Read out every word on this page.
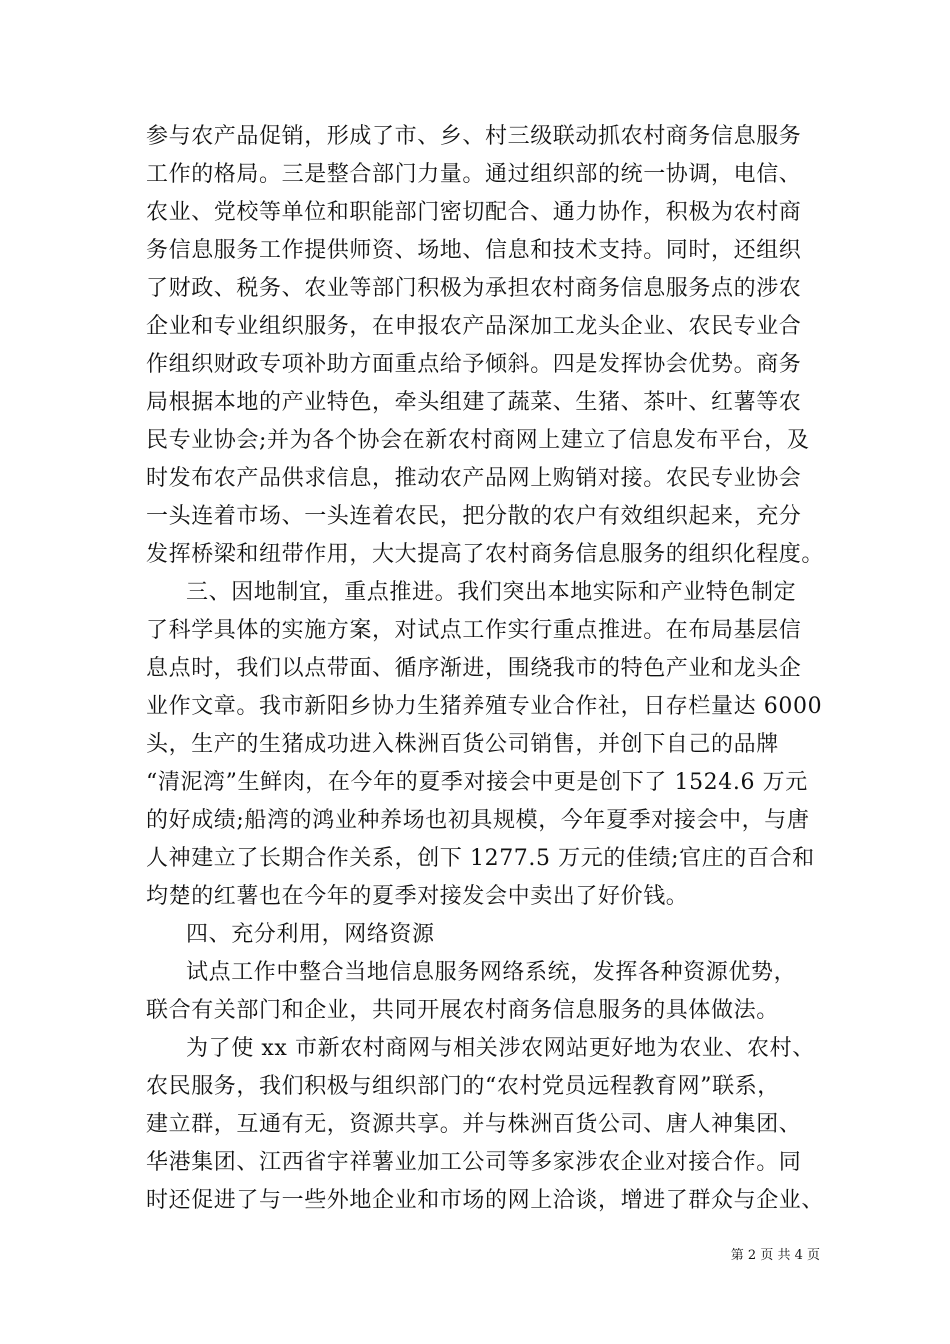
参与农产品促销，形成了市、乡、村三级联动抓农村商务信息服务
工作的格局。三是整合部门力量。通过组织部的统一协调，电信、
农业、党校等单位和职能部门密切配合、通力协作，积极为农村商
务信息服务工作提供师资、场地、信息和技术支持。同时，还组织
了财政、税务、农业等部门积极为承担农村商务信息服务点的涉农
企业和专业组织服务，在申报农产品深加工龙头企业、农民专业合
作组织财政专项补助方面重点给予倾斜。四是发挥协会优势。商务
局根据本地的产业特色，牵头组建了蔬菜、生猪、茶叶、红薯等农
民专业协会;并为各个协会在新农村商网上建立了信息发布平台，及
时发布农产品供求信息，推动农产品网上购销对接。农民专业协会
一头连着市场、一头连着农民，把分散的农户有效组织起来，充分
发挥桥梁和纽带作用，大大提高了农村商务信息服务的组织化程度。
三、因地制宜，重点推进。我们突出本地实际和产业特色制定
了科学具体的实施方案，对试点工作实行重点推进。在布局基层信
息点时，我们以点带面、循序渐进，围绕我市的特色产业和龙头企
业作文章。我市新阳乡协力生猪养殖专业合作社，日存栏量达 6000
头，生产的生猪成功进入株洲百货公司销售，并创下自己的品牌
“清泥湾”生鲜肉，在今年的夏季对接会中更是创下了 1524.6 万元
的好成绩;船湾的鸿业种养场也初具规模，今年夏季对接会中，与唐
人神建立了长期合作关系，创下 1277.5 万元的佳绩;官庄的百合和
均楚的红薯也在今年的夏季对接发会中卖出了好价钱。
四、充分利用，网络资源
试点工作中整合当地信息服务网络系统，发挥各种资源优势，
联合有关部门和企业，共同开展农村商务信息服务的具体做法。
为了使 xx 市新农村商网与相关涉农网站更好地为农业、农村、
农民服务，我们积极与组织部门的“农村党员远程教育网”联系，
建立群，互通有无，资源共享。并与株洲百货公司、唐人神集团、
华港集团、江西省宇祥薯业加工公司等多家涉农企业对接合作。同
时还促进了与一些外地企业和市场的网上洽谈，增进了群众与企业、
第 2 页 共 4 页
